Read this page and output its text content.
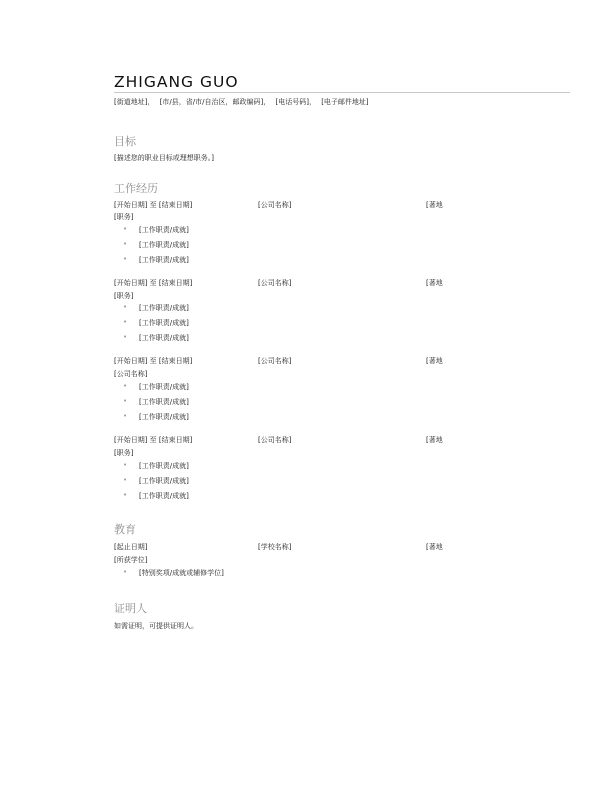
ZHIGANG GUO
[街道地址]， [市/县，省/市/自治区，邮政编码]， [电话号码]， [电子邮件地址]
目标
[描述您的职业目标或理想职务。]
工作经历
[开始日期] 至 [结束日期]	[公司名称]	[著地
[职务]
• [工作职责/成就]
• [工作职责/成就]
• [工作职责/成就]
[开始日期] 至 [结束日期]	[公司名称]	[著地
[职务]
• [工作职责/成就]
• [工作职责/成就]
• [工作职责/成就]
[开始日期] 至 [结束日期]	[公司名称]	[著地
[公司名称]
• [工作职责/成就]
• [工作职责/成就]
• [工作职责/成就]
[开始日期] 至 [结束日期]	[公司名称]	[著地
[职务]
• [工作职责/成就]
• [工作职责/成就]
• [工作职责/成就]
教育
[起止日期]	[学校名称]	[著地
[所获学位]
• [特别奖项/成就或辅修学位]
证明人
如需证明，可提供证明人。
